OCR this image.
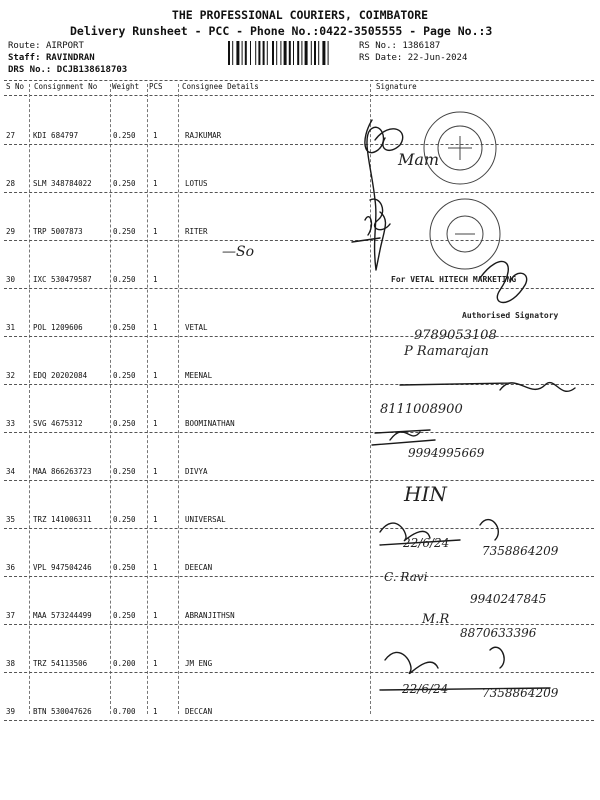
THE PROFESSIONAL COURIERS, COIMBATORE
Delivery Runsheet - PCC - Phone No.:0422-3505555 - Page No.:3
Route: AIRPORT
Staff: RAVINDRAN
DRS No.: DCJB138618703
RS No.: 1386187
RS Date: 22-Jun-2024
S No Consignment No Weight PCS	Consignee Details	Signature
27 KDI 684797	0.250 1	RAJKUMAR
28 SLM 348784022	0.250 1	LOTUS
29 TRP 5007873	0.250 1	RITER
30 IXC 530479587	0.250 1
31 POL 1209606	0.250 1	VETAL
32 EDQ 20202084	0.250 1	MEENAL
33 SVG 4675312	0.250 1	BOOMINATHAN
34 MAA 866263723	0.250 1	DIVYA
35 TRZ 141006311	0.250 1	UNIVERSAL
36 VPL 947504246	0.250 1	DEECAN
37 MAA 573244499	0.250 1	ABRANJITHSN
38 TRZ 54113506	0.200 1	JM ENG
39 BTN 530047626	0.700 1	DECCAN
Mam
—So
For VETAL HITECH MARKETING
Authorised Signatory
9789053108
P Ramarajan
8111008900
9994995669
HIN
22/6/24
7358864209
C. Ravi
9940247845
M.R
8870633396
22/6/24	7358864209
